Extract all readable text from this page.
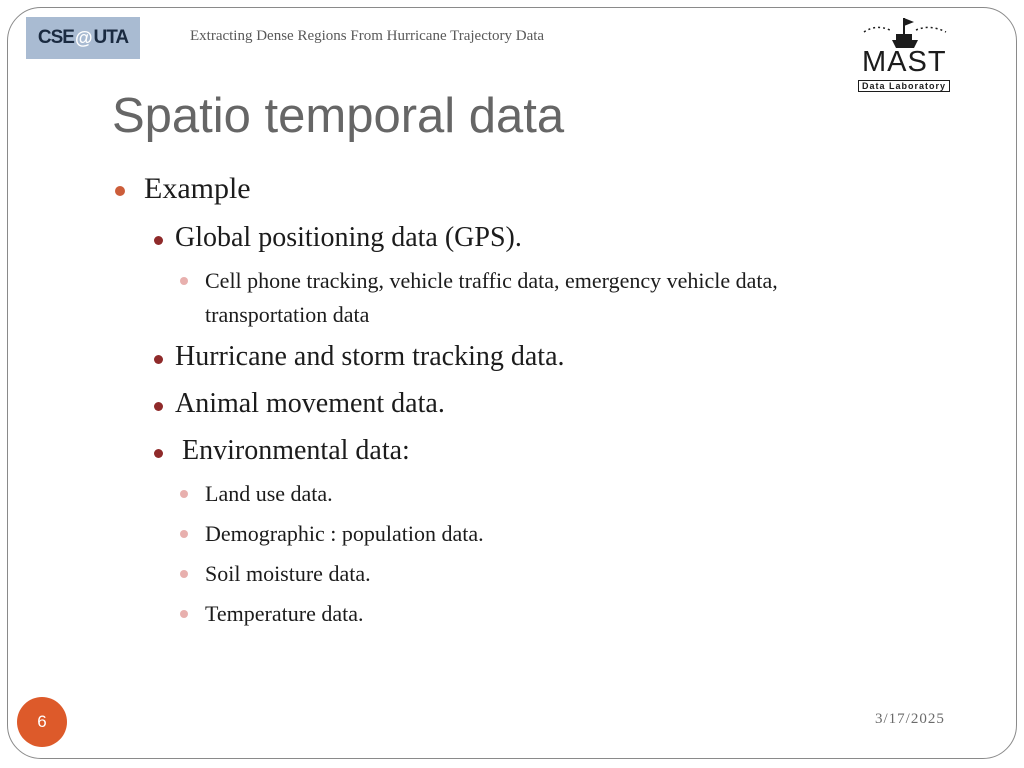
CSE @ UTA	Extracting Dense Regions From Hurricane Trajectory Data
MAST
Data Laboratory
Spatio temporal data
Example
Global positioning data (GPS).
Cell phone tracking, vehicle traffic data, emergency vehicle data,
transportation data
Hurricane and storm tracking data.
Animal movement data.
Environmental data:
Land use data.
Demographic : population data.
Soil moisture data.
Temperature data.
6	3/17/2025
